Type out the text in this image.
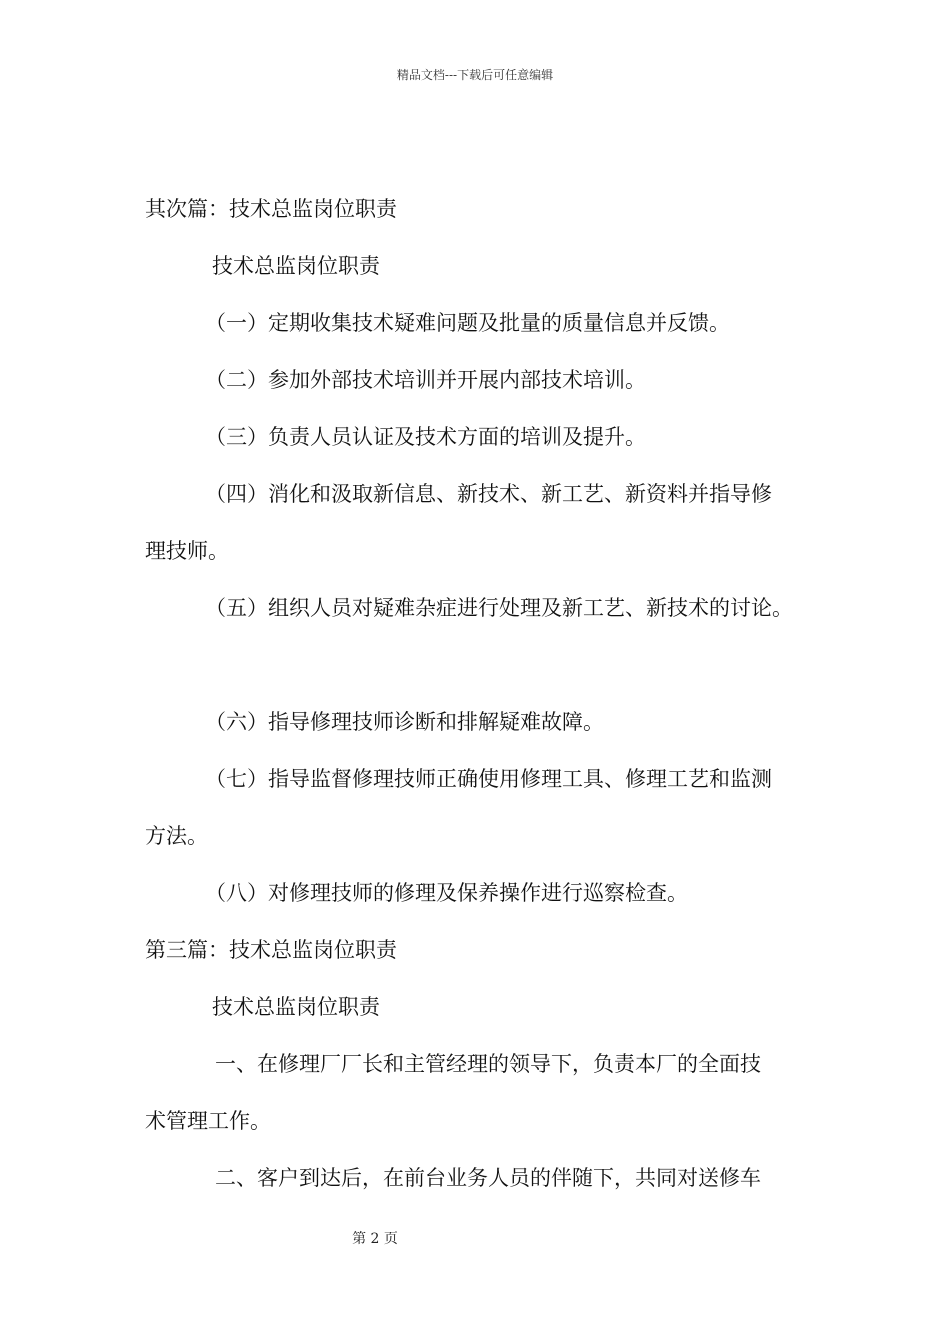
精品文档---下载后可任意编辑
其次篇：技术总监岗位职责
技术总监岗位职责
（一）定期收集技术疑难问题及批量的质量信息并反馈。
（二）参加外部技术培训并开展内部技术培训。
（三）负责人员认证及技术方面的培训及提升。
（四）消化和汲取新信息、新技术、新工艺、新资料并指导修
理技师。
（五）组织人员对疑难杂症进行处理及新工艺、新技术的讨论。
（六）指导修理技师诊断和排解疑难故障。
（七）指导监督修理技师正确使用修理工具、修理工艺和监测
方法。
（八）对修理技师的修理及保养操作进行巡察检查。
第三篇：技术总监岗位职责
技术总监岗位职责
一、在修理厂厂长和主管经理的领导下，负责本厂的全面技
术管理工作。
二、客户到达后，在前台业务人员的伴随下，共同对送修车
第 2 页
